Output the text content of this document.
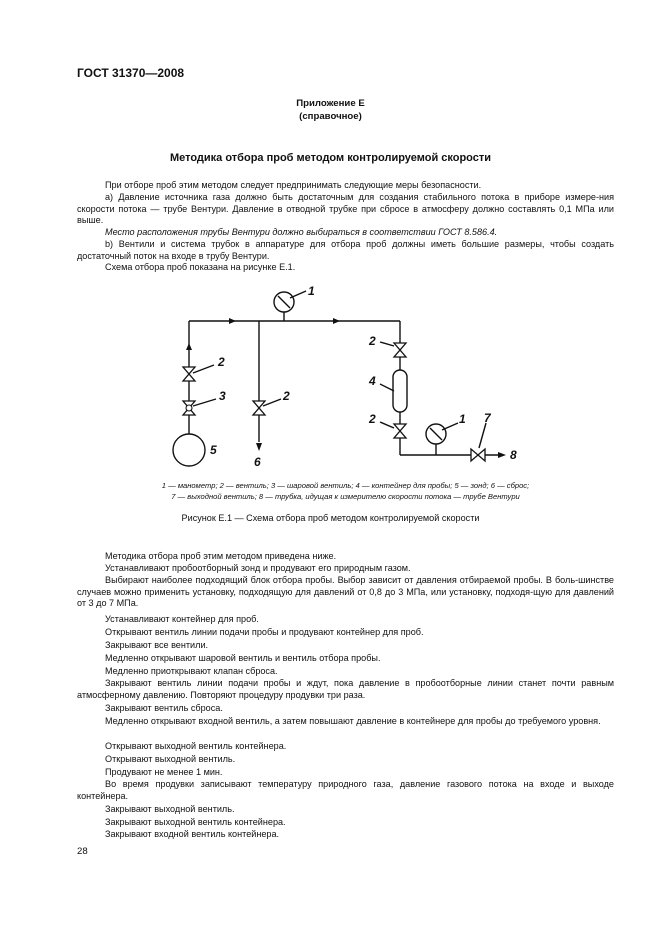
ГОСТ 31370—2008
Приложение Е
(справочное)
Методика отбора проб методом контролируемой скорости
При отборе проб этим методом следует предпринимать следующие меры безопасности.
а) Давление источника газа должно быть достаточным для создания стабильного потока в приборе измере-ния скорости потока — трубе Вентури. Давление в отводной трубке при сбросе в атмосферу должно составлять 0,1 МПа или выше.
Место расположения трубы Вентури должно выбираться в соответствии ГОСТ 8.586.4.
b) Вентили и система трубок в аппаратуре для отбора проб должны иметь большие размеры, чтобы создать достаточный поток на входе в трубу Вентури.
Схема отбора проб показана на рисунке Е.1.
1
2
3	2
5
6
2
4
2	1 7
8
1 — манометр; 2 — вентиль; 3 — шаровой вентиль; 4 — контейнер для пробы; 5 — зонд; 6 — сброс;
7 — выходной вентиль; 8 — трубка, идущая к измерителю скорости потока — трубе Вентури
Рисунок Е.1 — Схема отбора проб методом контролируемой скорости
Методика отбора проб этим методом приведена ниже.
Устанавливают пробоотборный зонд и продувают его природным газом.
Выбирают наиболее подходящий блок отбора пробы. Выбор зависит от давления отбираемой пробы. В боль-шинстве случаев можно применить установку, подходящую для давлений от 0,8 до 3 МПа, или установку, подходя-щую для давлений от 3 до 7 МПа.
Устанавливают контейнер для проб.
Открывают вентиль линии подачи пробы и продувают контейнер для проб.
Закрывают все вентили.
Медленно открывают шаровой вентиль и вентиль отбора пробы.
Медленно приоткрывают клапан сброса.
Закрывают вентиль линии подачи пробы и ждут, пока давление в пробоотборные линии станет почти равным атмосферному давлению. Повторяют процедуру продувки три раза.
Закрывают вентиль сброса.
Медленно открывают входной вентиль, а затем повышают давление в контейнере для пробы до требуемого уровня.
Открывают выходной вентиль контейнера.
Открывают выходной вентиль.
Продувают не менее 1 мин.
Во время продувки записывают температуру природного газа, давление газового потока на входе и выходе контейнера.
Закрывают выходной вентиль.
Закрывают выходной вентиль контейнера.
Закрывают входной вентиль контейнера.
28
